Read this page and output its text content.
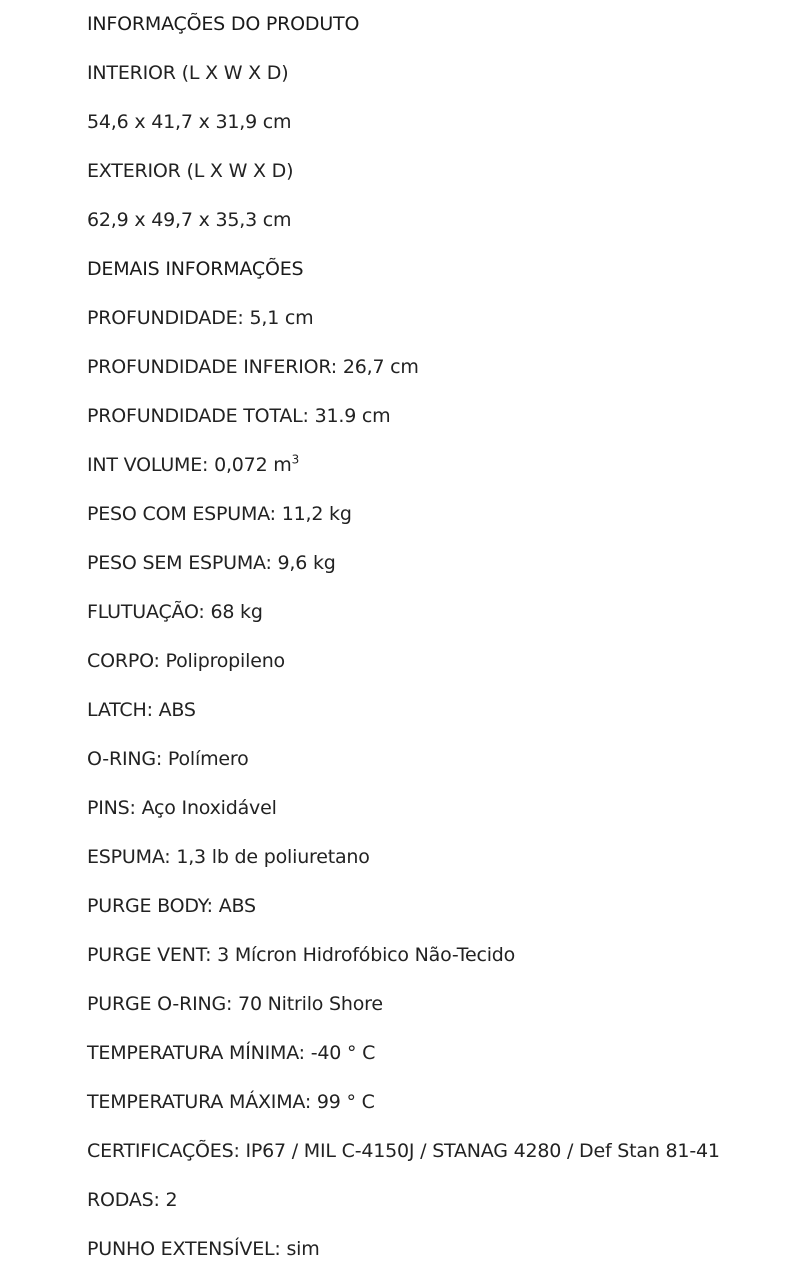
INFORMAÇÕES DO PRODUTO
INTERIOR (L X W X D)
54,6 x 41,7 x 31,9 cm
EXTERIOR (L X W X D)
62,9 x 49,7 x 35,3 cm
DEMAIS INFORMAÇÕES
PROFUNDIDADE: 5,1 cm
PROFUNDIDADE INFERIOR: 26,7 cm
PROFUNDIDADE TOTAL: 31.9 cm
INT VOLUME: 0,072 $m^3$
PESO COM ESPUMA: 11,2 kg
PESO SEM ESPUMA: 9,6 kg
FLUTUAÇÃO: 68 kg
CORPO: Polipropileno
LATCH: ABS
O-RING: Polímero
PINS: Aço Inoxidável
ESPUMA: 1,3 lb de poliuretano
PURGE BODY: ABS
PURGE VENT: 3 Mícron Hidrofóbico Não-Tecido
PURGE O-RING: 70 Nitrilo Shore
TEMPERATURA MÍNIMA: -40 ° C
TEMPERATURA MÁXIMA: 99 ° C
CERTIFICAÇÕES: IP67 / MIL C-4150J / STANAG 4280 / Def Stan 81-41
RODAS: 2
PUNHO EXTENSÍVEL: sim
